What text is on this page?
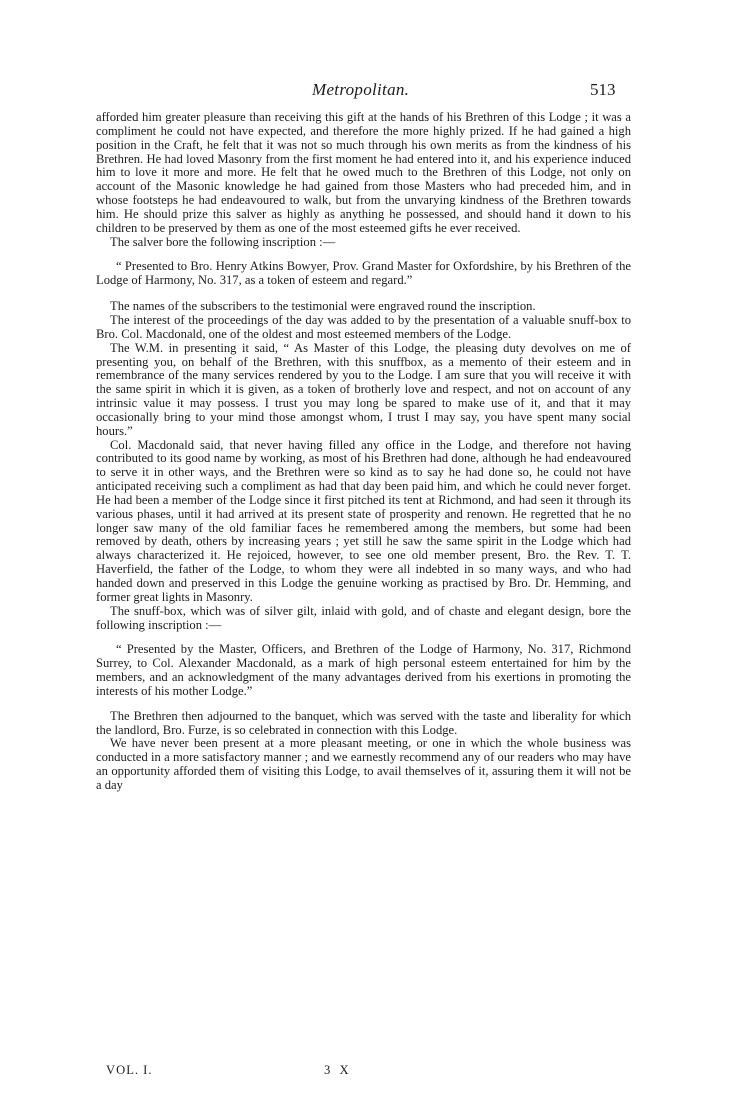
Metropolitan.	513

afforded him greater pleasure than receiving this gift at the hands of his Brethren of this Lodge ; it was a compliment he could not have expected, and therefore the more highly prized. If he had gained a high position in the Craft, he felt that it was not so much through his own merits as from the kindness of his Brethren. He had loved Masonry from the first moment he had entered into it, and his experience induced him to love it more and more. He felt that he owed much to the Brethren of this Lodge, not only on account of the Masonic knowledge he had gained from those Masters who had preceded him, and in whose footsteps he had endeavoured to walk, but from the unvarying kindness of the Brethren towards him. He should prize this salver as highly as anything he possessed, and should hand it down to his children to be preserved by them as one of the most esteemed gifts he ever received.

The salver bore the following inscription :—

“ Presented to Bro. Henry Atkins Bowyer, Prov. Grand Master for Oxfordshire, by his Brethren of the Lodge of Harmony, No. 317, as a token of esteem and regard.”

The names of the subscribers to the testimonial were engraved round the inscription.

The interest of the proceedings of the day was added to by the presentation of a valuable snuff-box to Bro. Col. Macdonald, one of the oldest and most esteemed members of the Lodge.

The W.M. in presenting it said, “ As Master of this Lodge, the pleasing duty devolves on me of presenting you, on behalf of the Brethren, with this snuffbox, as a memento of their esteem and in remembrance of the many services rendered by you to the Lodge. I am sure that you will receive it with the same spirit in which it is given, as a token of brotherly love and respect, and not on account of any intrinsic value it may possess. I trust you may long be spared to make use of it, and that it may occasionally bring to your mind those amongst whom, I trust I may say, you have spent many social hours.”

Col. Macdonald said, that never having filled any office in the Lodge, and therefore not having contributed to its good name by working, as most of his Brethren had done, although he had endeavoured to serve it in other ways, and the Brethren were so kind as to say he had done so, he could not have anticipated receiving such a compliment as had that day been paid him, and which he could never forget. He had been a member of the Lodge since it first pitched its tent at Richmond, and had seen it through its various phases, until it had arrived at its present state of prosperity and renown. He regretted that he no longer saw many of the old familiar faces he remembered among the members, but some had been removed by death, others by increasing years ; yet still he saw the same spirit in the Lodge which had always characterized it. He rejoiced, however, to see one old member present, Bro. the Rev. T. T. Haverfield, the father of the Lodge, to whom they were all indebted in so many ways, and who had handed down and preserved in this Lodge the genuine working as practised by Bro. Dr. Hemming, and former great lights in Masonry.

The snuff-box, which was of silver gilt, inlaid with gold, and of chaste and elegant design, bore the following inscription :—

“ Presented by the Master, Officers, and Brethren of the Lodge of Harmony, No. 317, Richmond Surrey, to Col. Alexander Macdonald, as a mark of high personal esteem entertained for him by the members, and an acknowledgment of the many advantages derived from his exertions in promoting the interests of his mother Lodge.”

The Brethren then adjourned to the banquet, which was served with the taste and liberality for which the landlord, Bro. Furze, is so celebrated in connection with this Lodge.

We have never been present at a more pleasant meeting, or one in which the whole business was conducted in a more satisfactory manner ; and we earnestly recommend any of our readers who may have an opportunity afforded them of visiting this Lodge, to avail themselves of it, assuring them it will not be a day

VOL. I.	3 X
